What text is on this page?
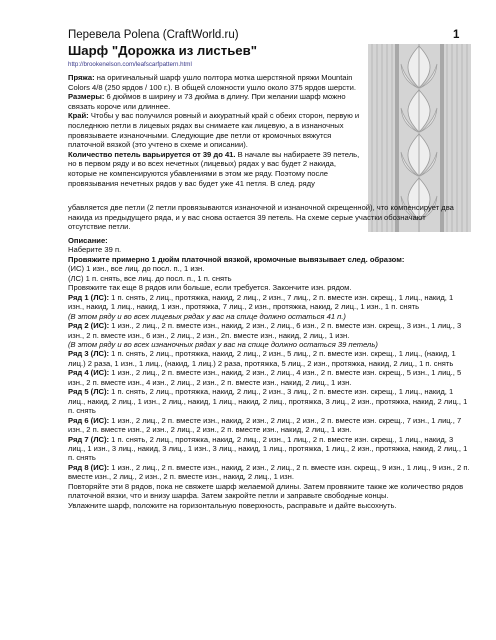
Перевела Polena (CraftWorld.ru)	1
Шарф "Дорожка из листьев"
http://brookenelson.com/leafscarfpattern.html

Пряжа: на оригинальный шарф ушло полтора мотка шерстяной пряжи Mountain Colors 4/8 (250 ярдов / 100 г.). В общей сложности ушло около 375 ярдов шерсти.

Размеры: 6 дюймов в ширину и 73 дюйма в длину. При желании шарф можно связать короче или длиннее.

Край: Чтобы у вас получился ровный и аккуратный край с обеих сторон, первую и последнюю петли в лицевых рядах вы снимаете как лицевую, а в изнаночных провязываете изнаночными. Следующие две петли от кромочных вяжутся платочной вязкой (это учтено в схеме и описании).

Количество петель варьируется от 39 до 41. В начале вы набираете 39 петель, но в первом ряду и во всех нечетных (лицевых) рядах у вас будет 2 накида, которые не компенсируются убавлениями в этом же ряду. Поэтому после провязывания нечетных рядов у вас будет уже 41 петля. В след. ряду

убавляется две петли (2 петли провязываются изнаночной и изнаночной скрещенной), что компенсирует два накида из предыдущего ряда, и у вас снова остается 39 петель. На схеме серые участки обозначают отсутствие петли.

Описание:

Наберите 39 п.

Провяжите примерно 1 дюйм платочной вязкой, кромочные вывязывает след. образом:

(ИС) 1 изн., все лиц. до посл. п., 1 изн.

(ЛС) 1 п. снять, все лиц. до посл. п., 1 п. снять

Провяжите так еще 8 рядов или больше, если требуется. Закончите изн. рядом.

Ряд 1 (ЛС): 1 п. снять, 2 лиц., протяжка, накид, 2 лиц., 2 изн., 7 лиц., 2 п. вместе изн. скрещ., 1 лиц., накид, 1 изн., накид, 1 лиц., накид, 1 изн., протяжка, 7 лиц., 2 изн., протяжка, накид, 2 лиц., 1 изн., 1 п. снять

(В этом ряду и во всех лицевых рядах у вас на спице должно остаться 41 п.)

Ряд 2 (ИС): 1 изн., 2 лиц., 2 п. вместе изн., накид, 2 изн., 2 лиц., 6 изн., 2 п. вместе изн. скрещ., 3 изн., 1 лиц., 3 изн., 2 п. вместе изн., 6 изн., 2 лиц., 2 изн., 2п. вместе изн., накид, 2 лиц., 1 изн.

(В этом ряду и во всех изнаночных рядах у вас на спице должно остаться 39 петель)

Ряд 3 (ЛС): 1 п. снять, 2 лиц., протяжка, накид, 2 лиц., 2 изн., 5 лиц., 2 п. вместе изн. скрещ., 1 лиц., (накид, 1 лиц.) 2 раза, 1 изн., 1 лиц., (накид, 1 лиц.) 2 раза, протяжка, 5 лиц., 2 изн., протяжка, накид, 2 лиц., 1 п. снять

Ряд 4 (ИС): 1 изн., 2 лиц., 2 п. вместе изн., накид, 2 изн., 2 лиц., 4 изн., 2 п. вместе изн. скрещ., 5 изн., 1 лиц., 5 изн., 2 п. вместе изн., 4 изн., 2 лиц., 2 изн., 2 п. вместе изн., накид, 2 лиц., 1 изн.

Ряд 5 (ЛС): 1 п. снять, 2 лиц., протяжка, накид, 2 лиц., 2 изн., 3 лиц., 2 п. вместе изн. скрещ., 1 лиц., накид, 1 лиц., накид, 2 лиц., 1 изн., 2 лиц., накид, 1 лиц., накид, 2 лиц., протяжка, 3 лиц., 2 изн., протяжка, накид, 2 лиц., 1 п. снять

Ряд 6 (ИС): 1 изн., 2 лиц., 2 п. вместе изн., накид, 2 изн., 2 лиц., 2 изн., 2 п. вместе изн. скрещ., 7 изн., 1 лиц., 7 изн., 2 п. вместе изн., 2 изн., 2 лиц., 2 изн., 2 п. вместе изн., накид, 2 лиц., 1 изн.

Ряд 7 (ЛС): 1 п. снять, 2 лиц., протяжка, накид, 2 лиц., 2 изн., 1 лиц., 2 п. вместе изн. скрещ., 1 лиц., накид, 3 лиц., 1 изн., 3 лиц., накид, 3 лиц., 1 изн., 3 лиц., накид, 1 лиц., протяжка, 1 лиц., 2 изн., протяжка, накид, 2 лиц., 1 п. снять

Ряд 8 (ИС): 1 изн., 2 лиц., 2 п. вместе изн., накид, 2 изн., 2 лиц., 2 п. вместе изн. скрещ., 9 изн., 1 лиц., 9 изн., 2 п. вместе изн., 2 лиц., 2 изн., 2 п. вместе изн., накид, 2 лиц., 1 изн.

Повторяйте эти 8 рядов, пока не свяжете шарф желаемой длины. Затем провяжите также же количество рядов платочной вязки, что и внизу шарфа. Затем закройте петли и заправьте свободные концы.

Увлажните шарф, положите на горизонтальную поверхность, расправьте и дайте высохнуть.
